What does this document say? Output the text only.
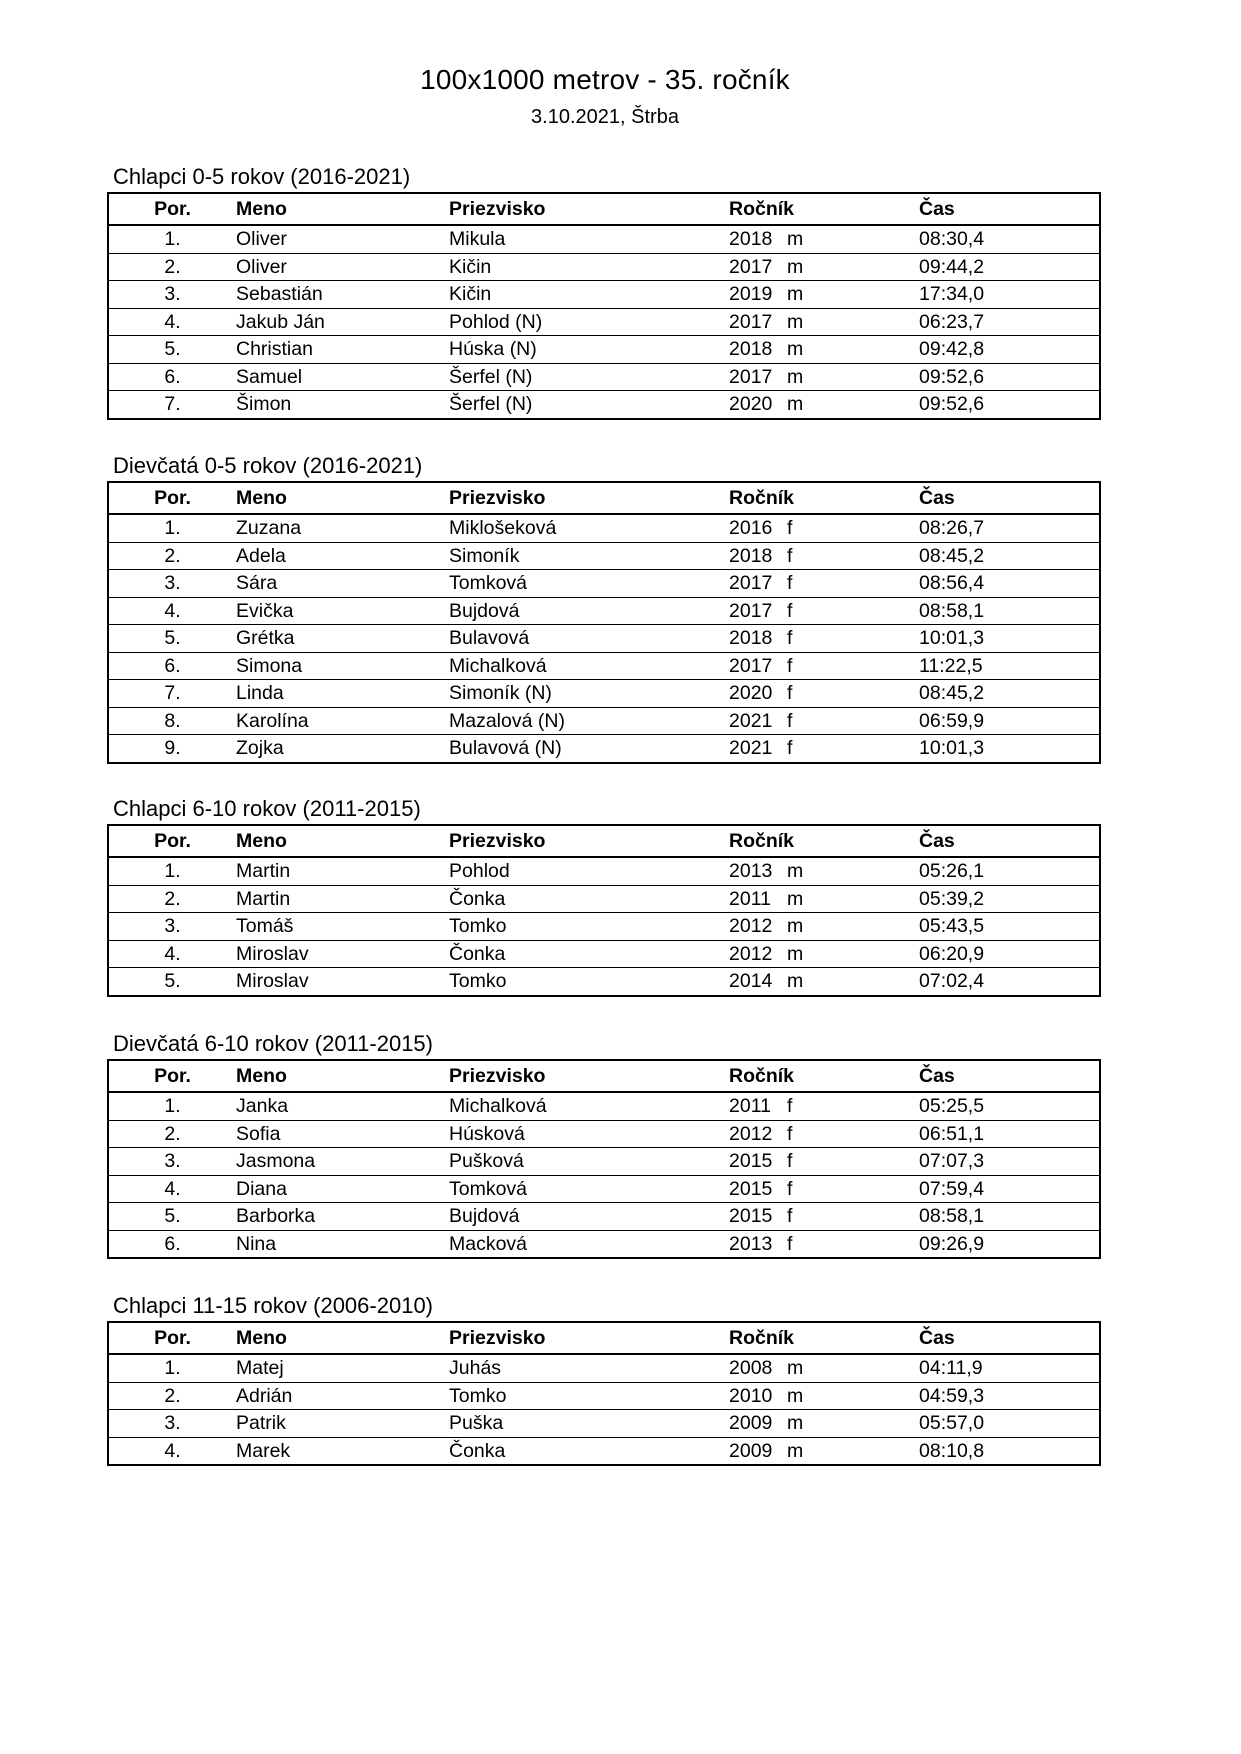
100x1000 metrov - 35. ročník
3.10.2021, Štrba
Chlapci 0-5 rokov (2016-2021)
Por.	Meno	Priezvisko	Ročník	Čas
1.	Oliver	Mikula	2018 m	08:30,4
2.	Oliver	Kičin	2017 m	09:44,2
3.	Sebastián	Kičin	2019 m	17:34,0
4.	Jakub Ján	Pohlod (N)	2017 m	06:23,7
5.	Christian	Húska (N)	2018 m	09:42,8
6.	Samuel	Šerfel (N)	2017 m	09:52,6
7.	Šimon	Šerfel (N)	2020 m	09:52,6
Dievčatá 0-5 rokov (2016-2021)
Por.	Meno	Priezvisko	Ročník	Čas
1.	Zuzana	Miklošeková	2016 f	08:26,7
2.	Adela	Simoník	2018 f	08:45,2
3.	Sára	Tomková	2017 f	08:56,4
4.	Evička	Bujdová	2017 f	08:58,1
5.	Grétka	Bulavová	2018 f	10:01,3
6.	Simona	Michalková	2017 f	11:22,5
7.	Linda	Simoník (N)	2020 f	08:45,2
8.	Karolína	Mazalová (N)	2021 f	06:59,9
9.	Zojka	Bulavová (N)	2021 f	10:01,3
Chlapci 6-10 rokov (2011-2015)
Por.	Meno	Priezvisko	Ročník	Čas
1.	Martin	Pohlod	2013 m	05:26,1
2.	Martin	Čonka	2011 m	05:39,2
3.	Tomáš	Tomko	2012 m	05:43,5
4.	Miroslav	Čonka	2012 m	06:20,9
5.	Miroslav	Tomko	2014 m	07:02,4
Dievčatá 6-10 rokov (2011-2015)
Por.	Meno	Priezvisko	Ročník	Čas
1.	Janka	Michalková	2011 f	05:25,5
2.	Sofia	Húsková	2012 f	06:51,1
3.	Jasmona	Pušková	2015 f	07:07,3
4.	Diana	Tomková	2015 f	07:59,4
5.	Barborka	Bujdová	2015 f	08:58,1
6.	Nina	Macková	2013 f	09:26,9
Chlapci 11-15 rokov (2006-2010)
Por.	Meno	Priezvisko	Ročník	Čas
1.	Matej	Juhás	2008 m	04:11,9
2.	Adrián	Tomko	2010 m	04:59,3
3.	Patrik	Puška	2009 m	05:57,0
4.	Marek	Čonka	2009 m	08:10,8
